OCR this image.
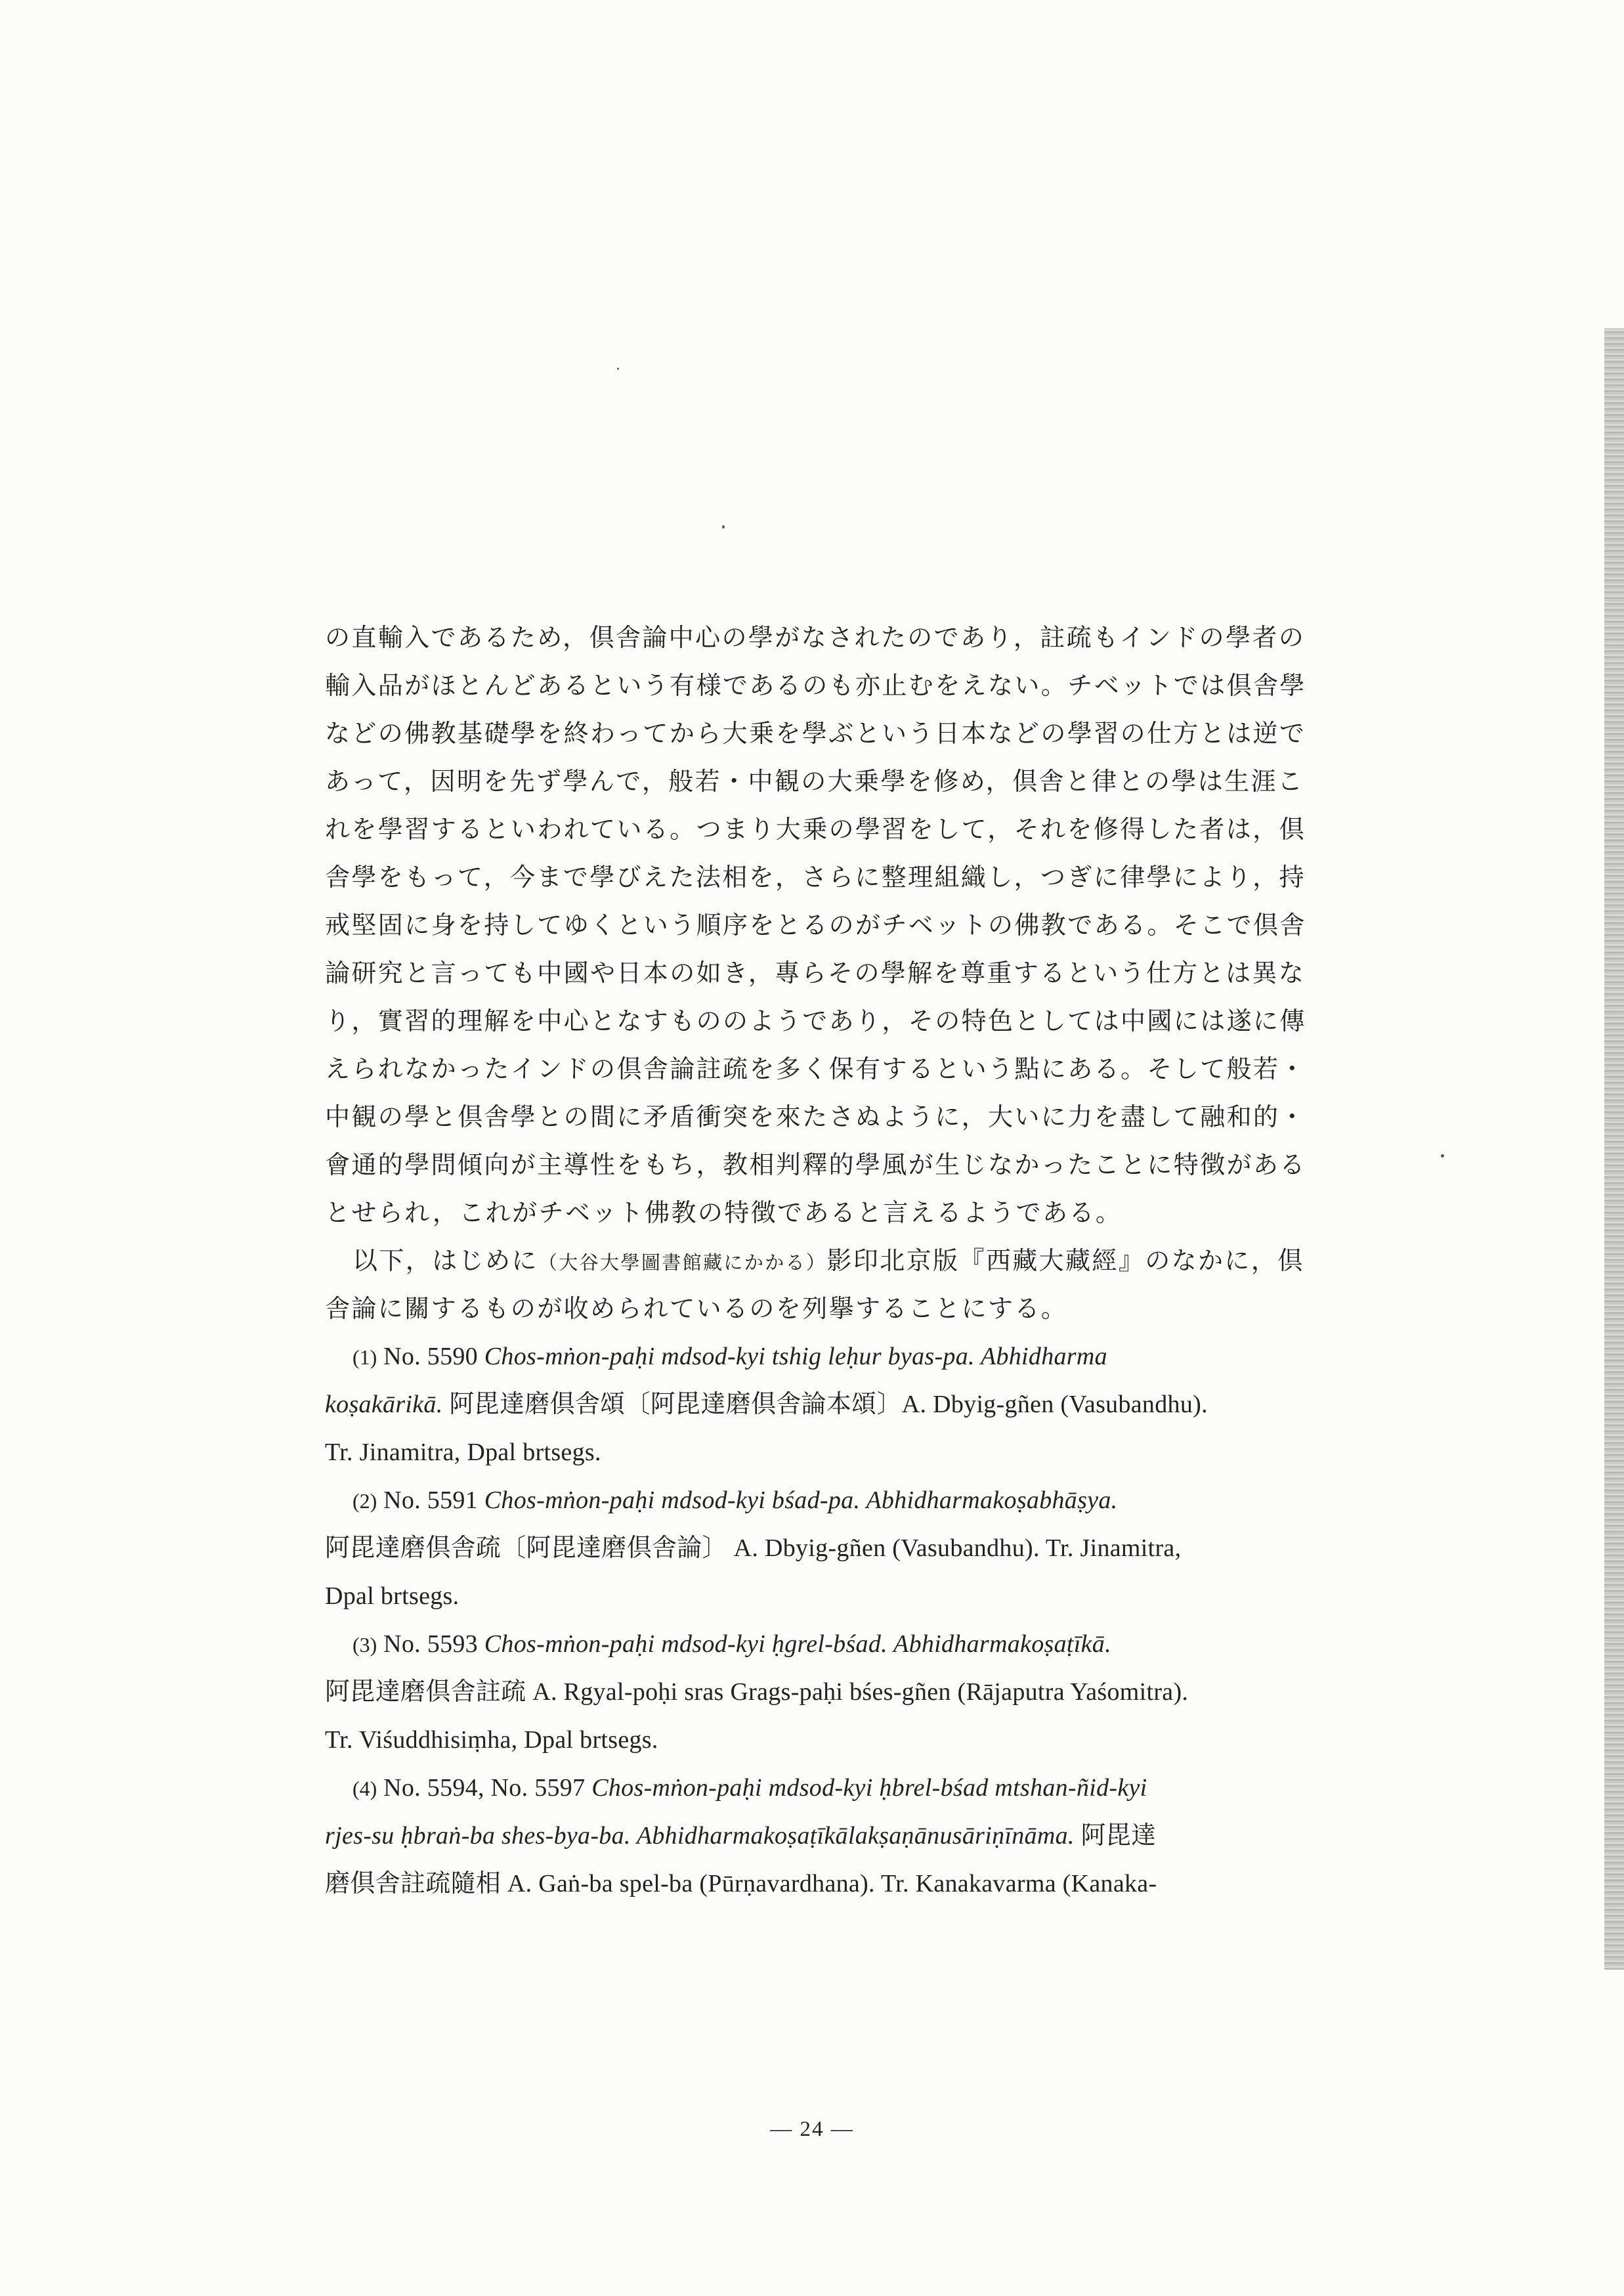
の直輸入であるため，倶舎論中心の學がなされたのであり，註疏もインドの學者の
輸入品がほとんどあるという有様であるのも亦止むをえない。チベットでは倶舎學
などの佛教基礎學を終わってから大乗を學ぶという日本などの學習の仕方とは逆で
あって，因明を先ず學んで，般若・中観の大乗學を修め，倶舎と律との學は生涯こ
れを學習するといわれている。つまり大乗の學習をして，それを修得した者は，倶
舎學をもって，今まで學びえた法相を，さらに整理組織し，つぎに律學により，持
戒堅固に身を持してゆくという順序をとるのがチベットの佛教である。そこで倶舎
論研究と言っても中國や日本の如き，專らその學解を尊重するという仕方とは異な
り，實習的理解を中心となすもののようであり，その特色としては中國には遂に傳
えられなかったインドの倶舎論註疏を多く保有するという點にある。そして般若・
中観の學と倶舎學との間に矛盾衝突を來たさぬように，大いに力を盡して融和的・
會通的學問傾向が主導性をもち，教相判釋的學風が生じなかったことに特徴がある
とせられ，これがチベット佛教の特徴であると言えるようである。
以下，はじめに（大谷大學圖書館藏にかかる）影印北京版『西藏大藏經』のなかに，倶
舎論に關するものが收められているのを列擧することにする。
(1) No. 5590 Chos-mṅon-paḥi mdsod-kyi tshig leḥur byas-pa. Abhidharma
koṣakārikā. 阿毘達磨倶舎頌〔阿毘達磨倶舎論本頌〕A. Dbyig-gñen (Vasubandhu).
Tr. Jinamitra, Dpal brtsegs.
(2) No. 5591 Chos-mṅon-paḥi mdsod-kyi bśad-pa. Abhidharmakoṣabhāṣya.
阿毘達磨倶舎疏〔阿毘達磨倶舎論〕 A. Dbyig-gñen (Vasubandhu). Tr. Jinamitra,
Dpal brtsegs.
(3) No. 5593 Chos-mṅon-paḥi mdsod-kyi ḥgrel-bśad. Abhidharmakoṣaṭīkā.
阿毘達磨倶舎註疏 A. Rgyal-poḥi sras Grags-paḥi bśes-gñen (Rājaputra Yaśomitra).
Tr. Viśuddhisiṃha, Dpal brtsegs.
(4) No. 5594, No. 5597 Chos-mṅon-paḥi mdsod-kyi ḥbrel-bśad mtshan-ñid-kyi
rjes-su ḥbraṅ-ba shes-bya-ba. Abhidharmakoṣaṭīkālakṣaṇānusāriṇīnāma. 阿毘達
磨倶舎註疏隨相 A. Gaṅ-ba spel-ba (Pūrṇavardhana). Tr. Kanakavarma (Kanaka-
— 24 —
